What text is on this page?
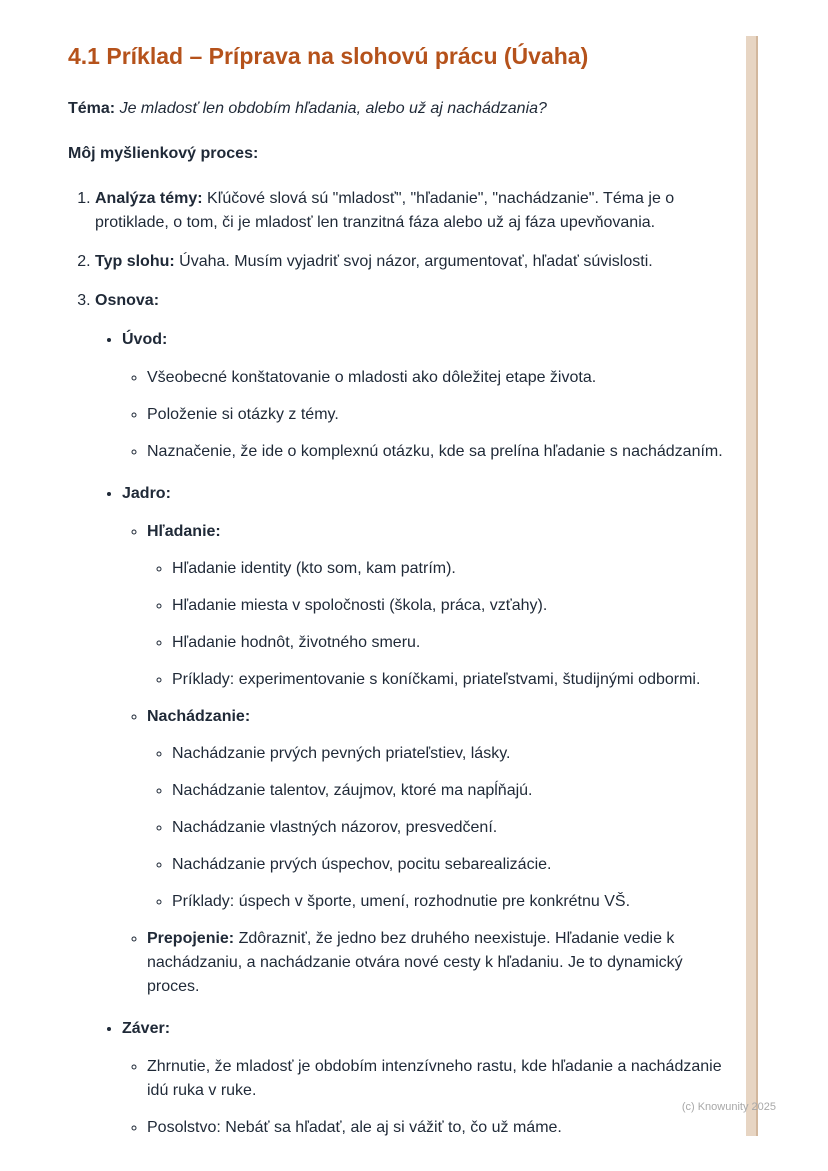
4.1 Príklad – Príprava na slohovú prácu (Úvaha)

Téma: Je mladosť len obdobím hľadania, alebo už aj nachádzania?

Môj myšlienkový proces:

1. Analýza témy: Kľúčové slová sú "mladosť", "hľadanie", "nachádzanie". Téma je o protiklade, o tom, či je mladosť len tranzitná fáza alebo už aj fáza upevňovania.
2. Typ slohu: Úvaha. Musím vyjadriť svoj názor, argumentovať, hľadať súvislosti.
3. Osnova:
• Úvod:
◦ Všeobecné konštatovanie o mladosti ako dôležitej etape života.
◦ Položenie si otázky z témy.
◦ Naznačenie, že ide o komplexnú otázku, kde sa prelína hľadanie s nachádzaním.
• Jadro:
◦ Hľadanie:
◦ Hľadanie identity (kto som, kam patrím).
◦ Hľadanie miesta v spoločnosti (škola, práca, vzťahy).
◦ Hľadanie hodnôt, životného smeru.
◦ Príklady: experimentovanie s koníčkami, priateľstvami, študijnými odbormi.
◦ Nachádzanie:
◦ Nachádzanie prvých pevných priateľstiev, lásky.
◦ Nachádzanie talentov, záujmov, ktoré ma napĺňajú.
◦ Nachádzanie vlastných názorov, presvedčení.
◦ Nachádzanie prvých úspechov, pocitu sebarealizácie.
◦ Príklady: úspech v športe, umení, rozhodnutie pre konkrétnu VŠ.
◦ Prepojenie: Zdôrazniť, že jedno bez druhého neexistuje. Hľadanie vedie k nachádzaniu, a nachádzanie otvára nové cesty k hľadaniu. Je to dynamický proces.
• Záver:
◦ Zhrnutie, že mladosť je obdobím intenzívneho rastu, kde hľadanie a nachádzanie idú ruka v ruke.
◦ Posolstvo: Nebáť sa hľadať, ale aj si vážiť to, čo už máme.
(c) Knowunity 2025
